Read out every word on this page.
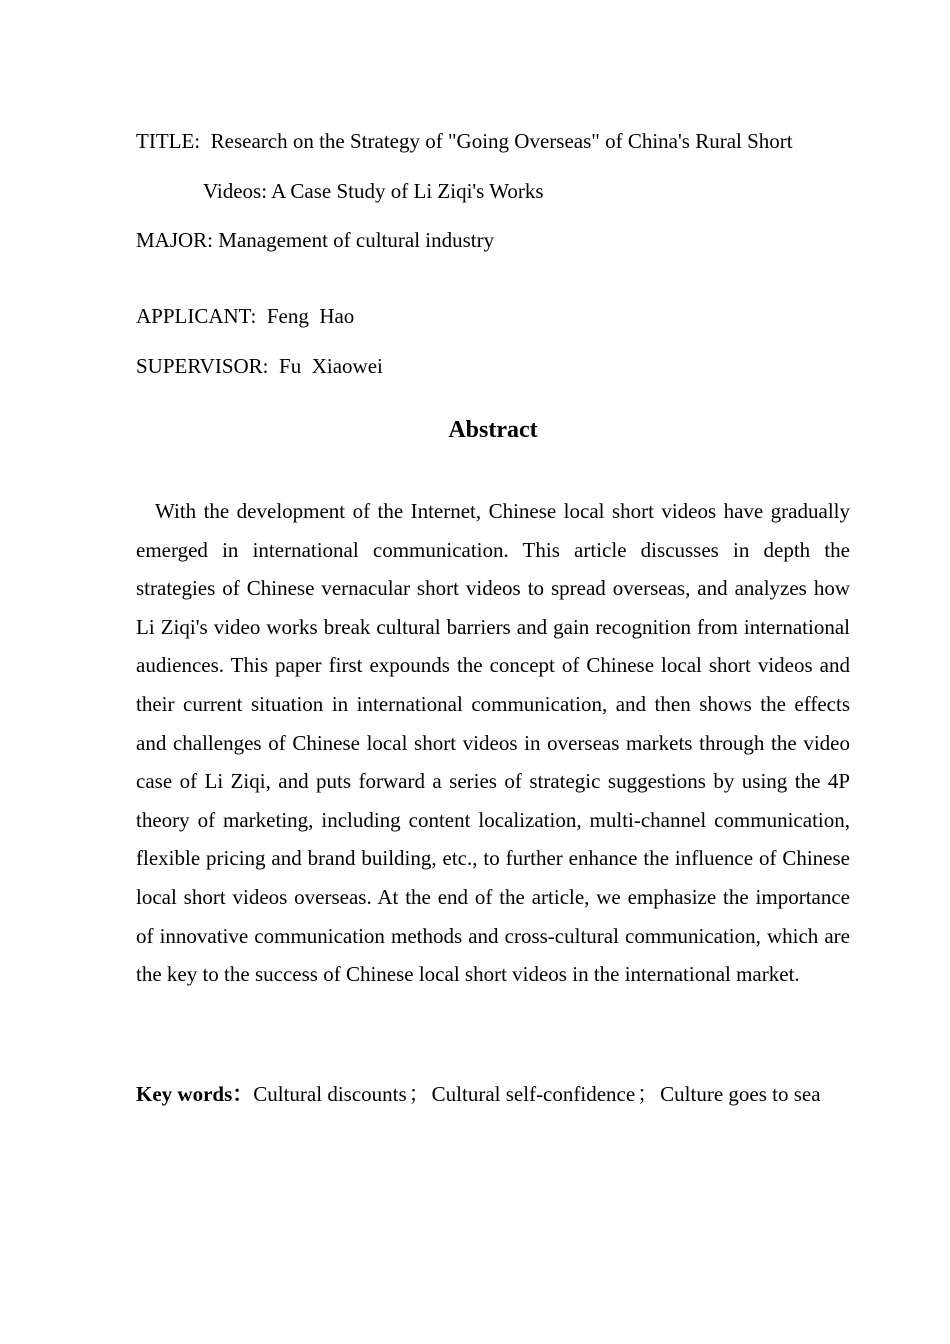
TITLE: Research on the Strategy of "Going Overseas" of China's Rural Short
Videos: A Case Study of Li Ziqi's Works
MAJOR: Management of cultural industry
APPLICANT: Feng  Hao
SUPERVISOR: Fu  Xiaowei
Abstract

With the development of the Internet, Chinese local short videos have gradually emerged in international communication. This article discusses in depth the strategies of Chinese vernacular short videos to spread overseas, and analyzes how Li Ziqi's video works break cultural barriers and gain recognition from international audiences. This paper first expounds the concept of Chinese local short videos and their current situation in international communication, and then shows the effects and challenges of Chinese local short videos in overseas markets through the video case of Li Ziqi, and puts forward a series of strategic suggestions by using the 4P theory of marketing, including content localization, multi-channel communication, flexible pricing and brand building, etc., to further enhance the influence of Chinese local short videos overseas. At the end of the article, we emphasize the importance of innovative communication methods and cross-cultural communication, which are the key to the success of Chinese local short videos in the international market.

Key words：Cultural discounts；Cultural self-confidence；Culture goes to sea
